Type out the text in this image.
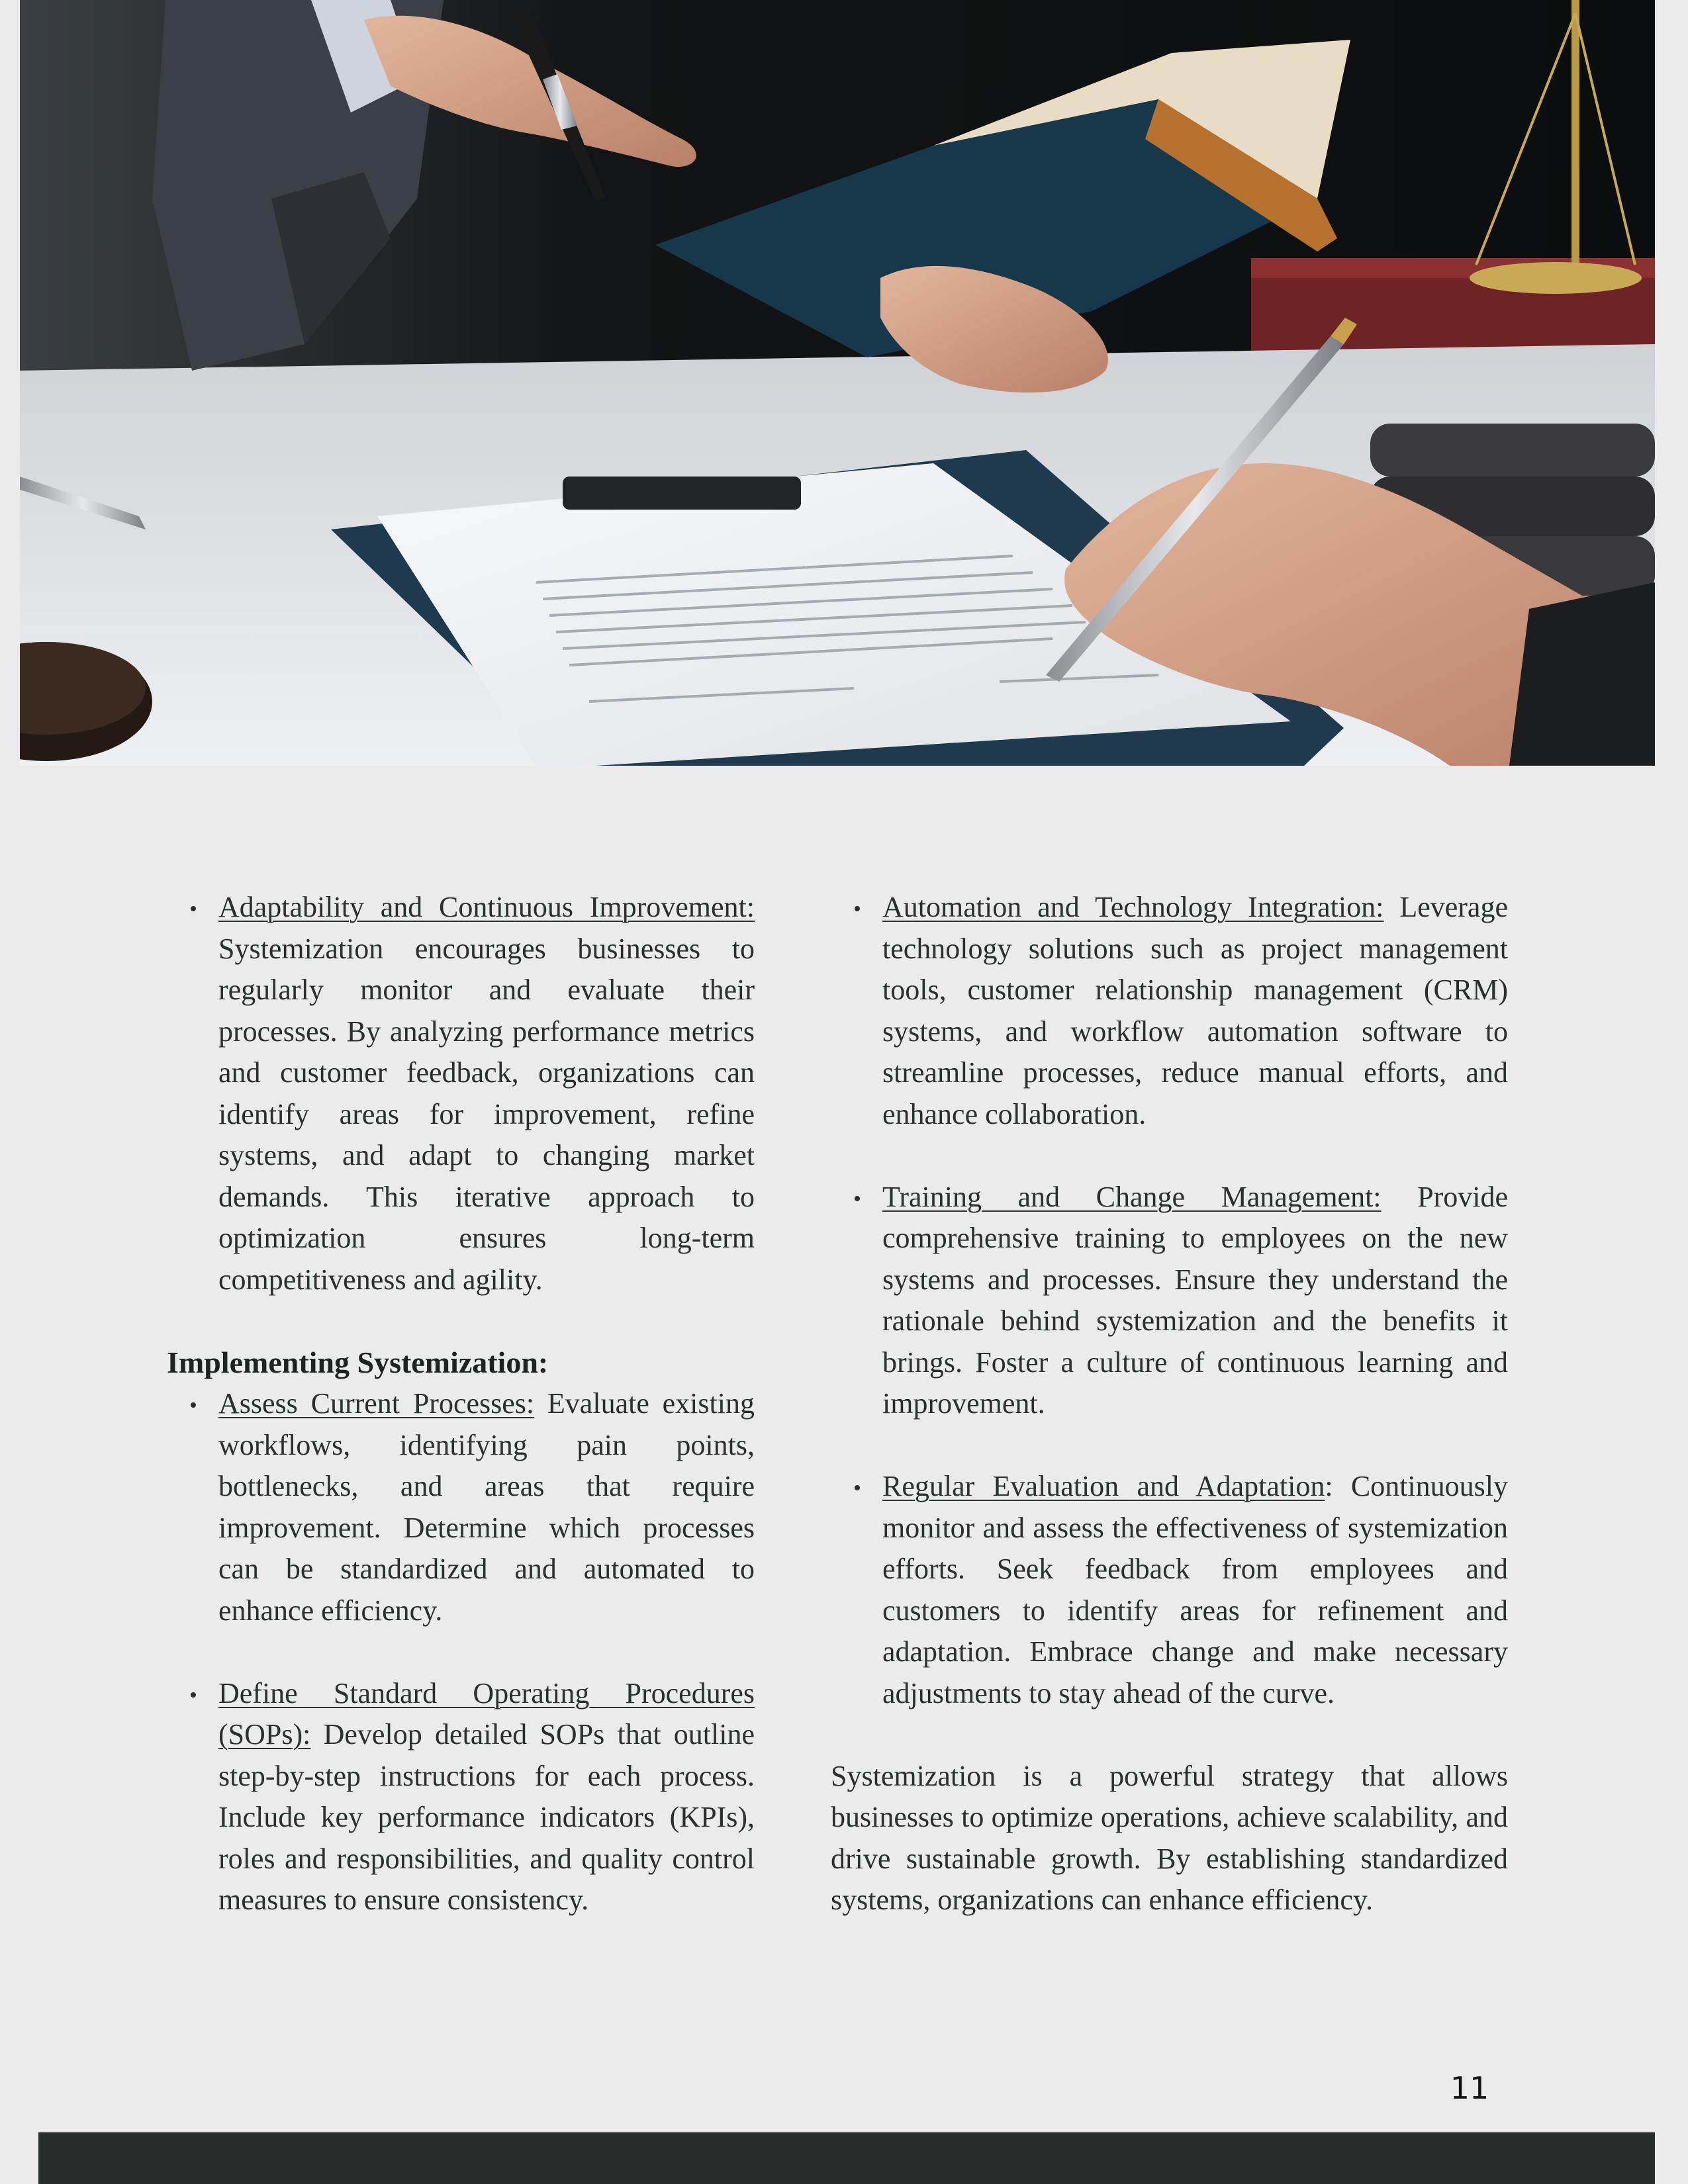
Adaptability and Continuous Improvement: Systemization encourages businesses to regularly monitor and evaluate their processes. By analyzing performance metrics and customer feedback, organizations can identify areas for improvement, refine systems, and adapt to changing market demands. This iterative approach to optimization ensures long-term competitiveness and agility.
Implementing Systemization:
Assess Current Processes: Evaluate existing workflows, identifying pain points, bottlenecks, and areas that require improvement. Determine which processes can be standardized and automated to enhance efficiency.
Define Standard Operating Procedures (SOPs): Develop detailed SOPs that outline step-by-step instructions for each process. Include key performance indicators (KPIs), roles and responsibilities, and quality control measures to ensure consistency.
Automation and Technology Integration: Leverage technology solutions such as project management tools, customer relationship management (CRM) systems, and workflow automation software to streamline processes, reduce manual efforts, and enhance collaboration.
Training and Change Management: Provide comprehensive training to employees on the new systems and processes. Ensure they understand the rationale behind systemization and the benefits it brings. Foster a culture of continuous learning and improvement.
Regular Evaluation and Adaptation: Continuously monitor and assess the effectiveness of systemization efforts. Seek feedback from employees and customers to identify areas for refinement and adaptation. Embrace change and make necessary adjustments to stay ahead of the curve.

Systemization is a powerful strategy that allows businesses to optimize operations, achieve scalability, and drive sustainable growth. By establishing standardized systems, organizations can enhance efficiency.

11
